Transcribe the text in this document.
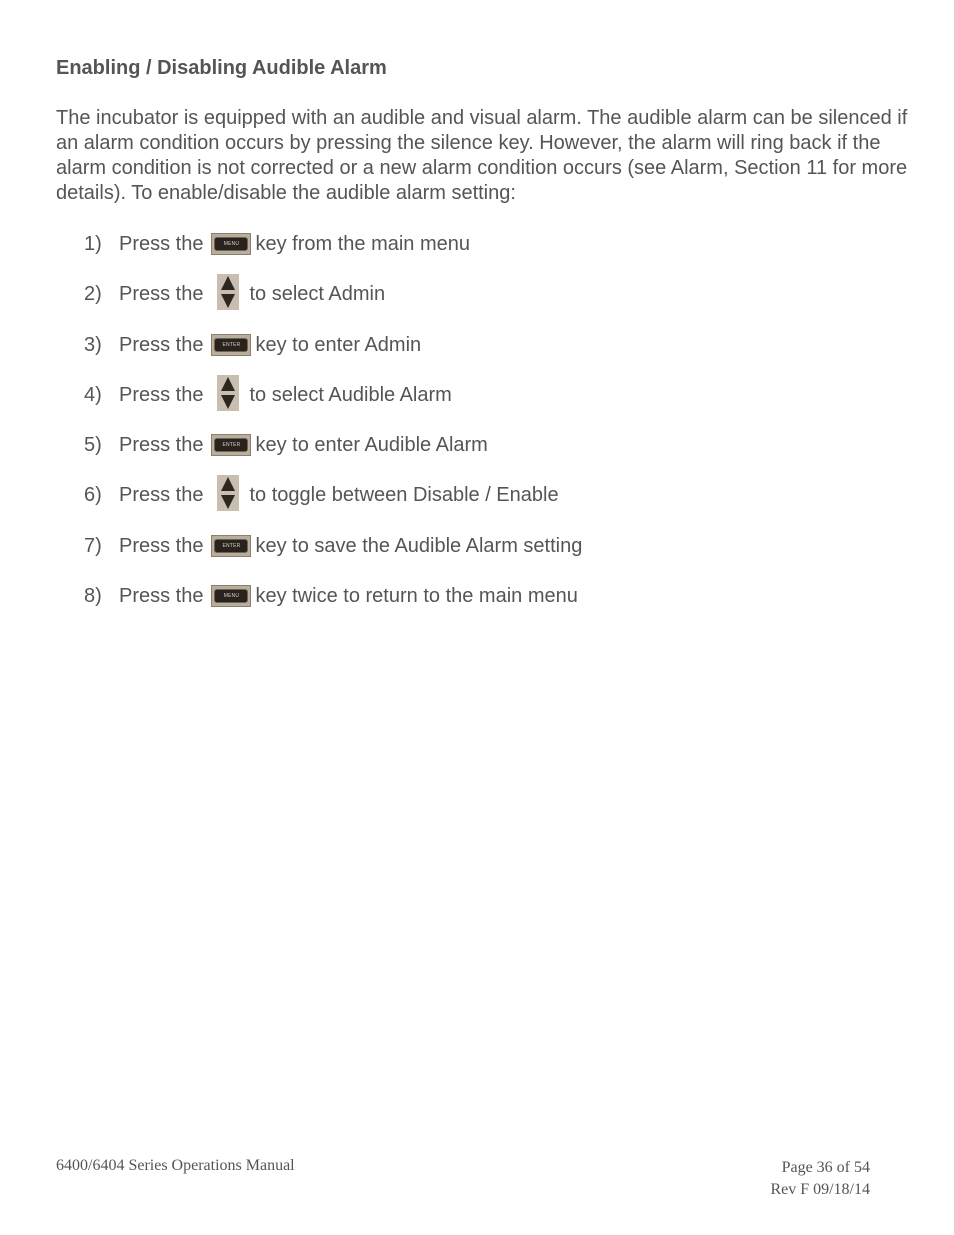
Enabling / Disabling Audible Alarm

The incubator is equipped with an audible and visual alarm. The audible alarm can be silenced if an alarm condition occurs by pressing the silence key. However, the alarm will ring back if the alarm condition is not corrected or a new alarm condition occurs (see Alarm, Section 11 for more details). To enable/disable the audible alarm setting:

1) Press the	MENU key from the main menu
2) Press the to select Admin
3) Press the	ENTER key to enter Admin
4) Press the to select Audible Alarm
5) Press the	ENTER key to enter Audible Alarm
6) Press the to toggle between Disable / Enable
7) Press the	ENTER key to save the Audible Alarm setting
8) Press the	MENU key twice to return to the main menu
6400/6404 Series Operations Manual	Page 36 of 54
Rev F 09/18/14
